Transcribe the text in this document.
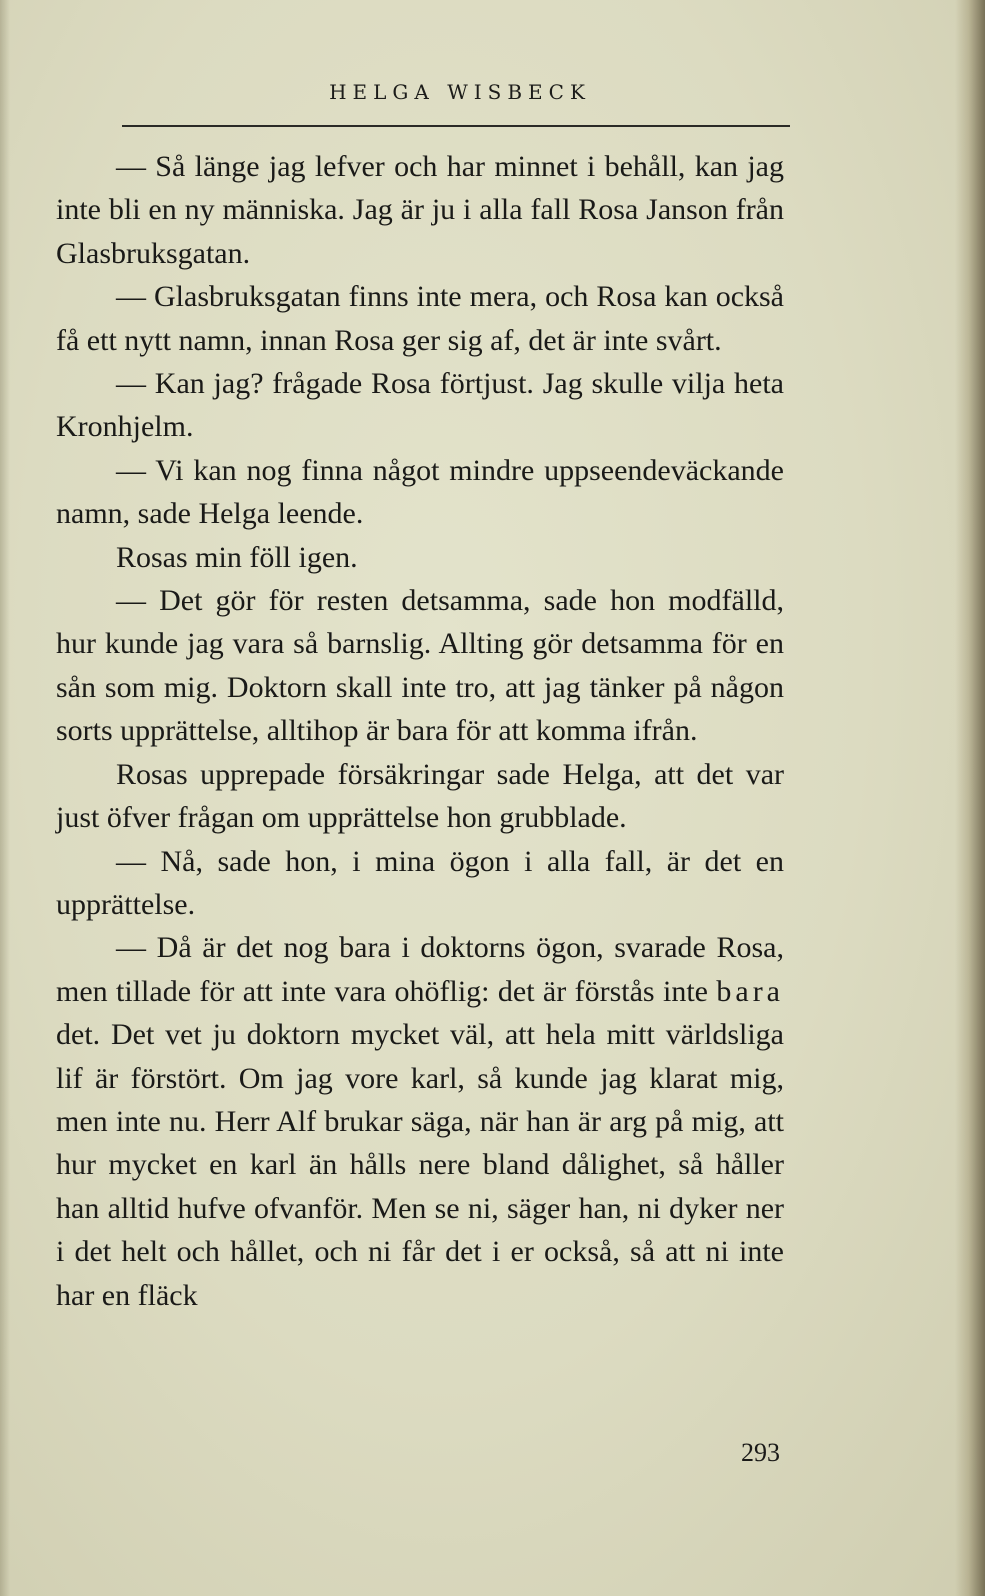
HELGA WISBECK

— Så länge jag lefver och har minnet i behåll, kan jag inte bli en ny människa. Jag är ju i alla fall Rosa Janson från Glasbruksgatan.

— Glasbruksgatan finns inte mera, och Rosa kan också få ett nytt namn, innan Rosa ger sig af, det är inte svårt.

— Kan jag? frågade Rosa förtjust. Jag skulle vilja heta Kronhjelm.

— Vi kan nog finna något mindre uppseendeväckande namn, sade Helga leende.

Rosas min föll igen.

— Det gör för resten detsamma, sade hon modfälld, hur kunde jag vara så barnslig. Allting gör detsamma för en sån som mig. Doktorn skall inte tro, att jag tänker på någon sorts upprättelse, alltihop är bara för att komma ifrån.

Rosas upprepade försäkringar sade Helga, att det var just öfver frågan om upprättelse hon grubblade.

— Nå, sade hon, i mina ögon i alla fall, är det en upprättelse.

— Då är det nog bara i doktorns ögon, svarade Rosa, men tillade för att inte vara ohöflig: det är förstås inte bara det. Det vet ju doktorn mycket väl, att hela mitt världsliga lif är förstört. Om jag vore karl, så kunde jag klarat mig, men inte nu. Herr Alf brukar säga, när han är arg på mig, att hur mycket en karl än hålls nere bland dålighet, så håller han alltid hufve ofvanför. Men se ni, säger han, ni dyker ner i det helt och hållet, och ni får det i er också, så att ni inte har en fläck

293
